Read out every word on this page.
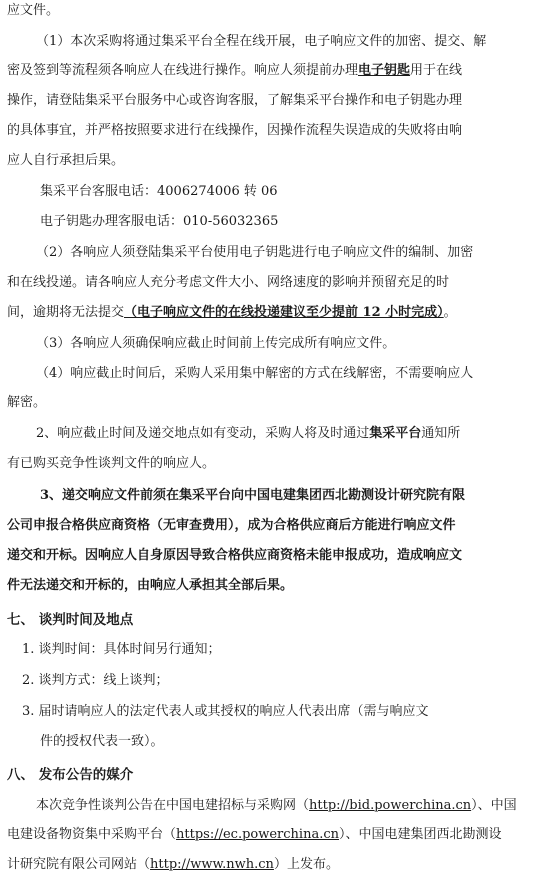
应文件。
（1）本次采购将通过集采平台全程在线开展，电子响应文件的加密、提交、解
密及签到等流程须各响应人在线进行操作。响应人须提前办理电子钥匙用于在线
操作，请登陆集采平台服务中心或咨询客服，了解集采平台操作和电子钥匙办理
的具体事宜，并严格按照要求进行在线操作，因操作流程失误造成的失败将由响
应人自行承担后果。
集采平台客服电话：4006274006 转 06
电子钥匙办理客服电话：010-56032365
（2）各响应人须登陆集采平台使用电子钥匙进行电子响应文件的编制、加密
和在线投递。请各响应人充分考虑文件大小、网络速度的影响并预留充足的时
间，逾期将无法提交（电子响应文件的在线投递建议至少提前 12 小时完成）。
（3）各响应人须确保响应截止时间前上传完成所有响应文件。
（4）响应截止时间后，采购人采用集中解密的方式在线解密，不需要响应人
解密。
2、响应截止时间及递交地点如有变动，采购人将及时通过集采平台通知所
有已购买竞争性谈判文件的响应人。
3、递交响应文件前须在集采平台向中国电建集团西北勘测设计研究院有限
公司申报合格供应商资格（无审查费用），成为合格供应商后方能进行响应文件
递交和开标。因响应人自身原因导致合格供应商资格未能申报成功，造成响应文
件无法递交和开标的，由响应人承担其全部后果。
七、 谈判时间及地点
1. 谈判时间：具体时间另行通知；
2. 谈判方式：线上谈判；
3. 届时请响应人的法定代表人或其授权的响应人代表出席（需与响应文
件的授权代表一致）。
八、 发布公告的媒介
本次竞争性谈判公告在中国电建招标与采购网（http://bid.powerchina.cn）、中国
电建设备物资集中采购平台（https://ec.powerchina.cn）、中国电建集团西北勘测设
计研究院有限公司网站（http://www.nwh.cn）上发布。
